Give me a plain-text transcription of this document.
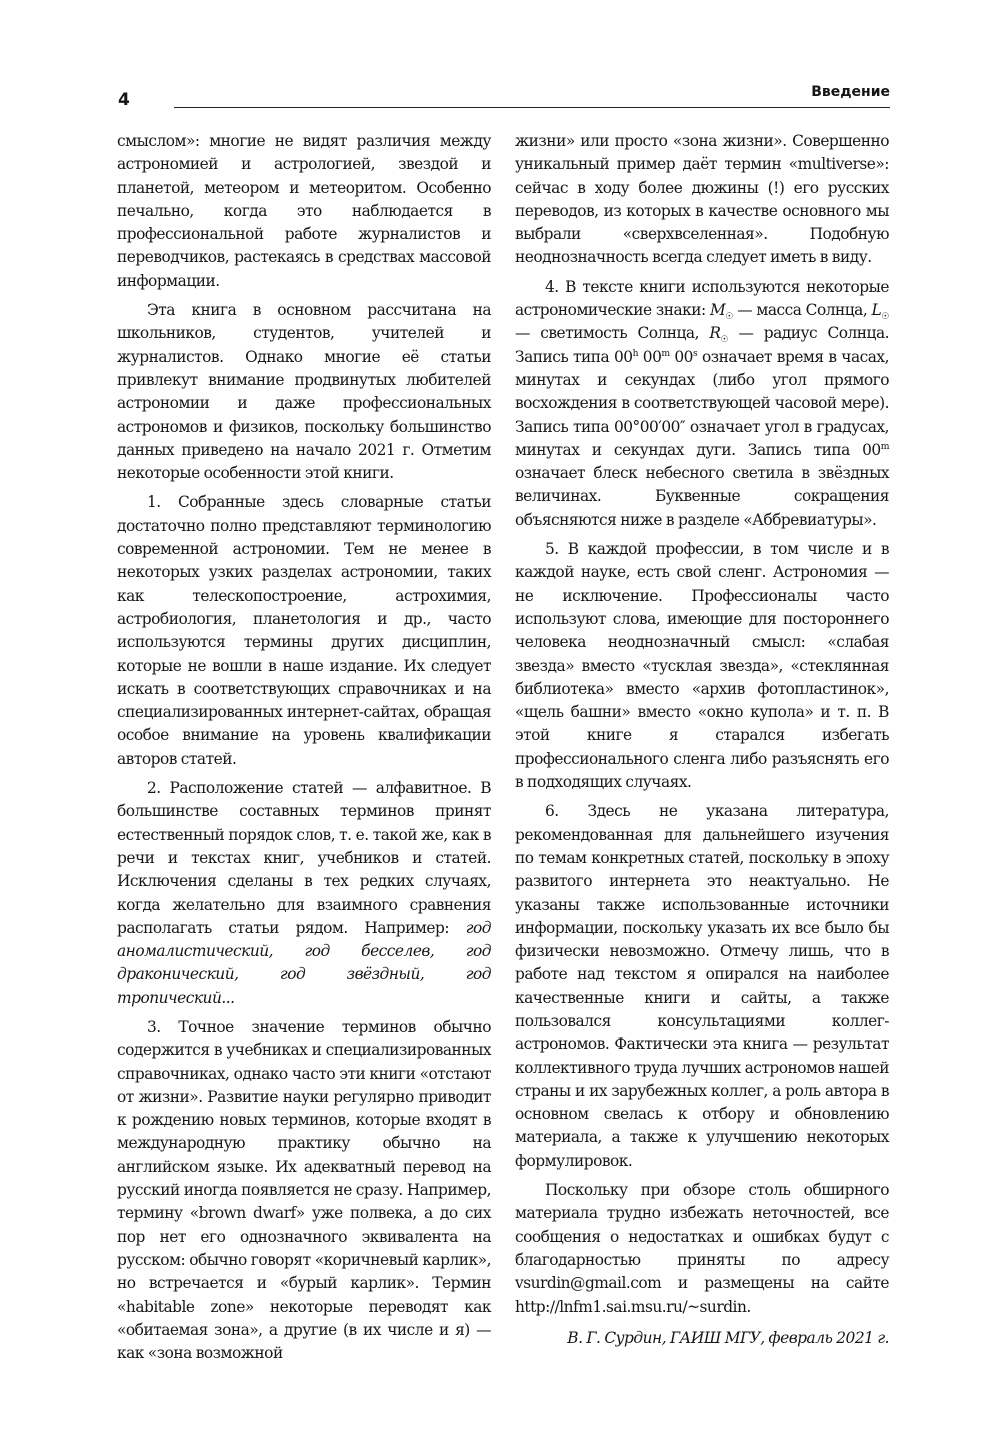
4	Введение

смыслом»: многие не видят различия между астрономией и астрологией, звездой и планетой, метеором и метеоритом. Особенно печально, когда это наблюдается в профессиональной работе журналистов и переводчиков, растекаясь в средствах массовой информации.

Эта книга в основном рассчитана на школьников, студентов, учителей и журналистов. Однако многие её статьи привлекут внимание продвинутых любителей астрономии и даже профессиональных астрономов и физиков, поскольку большинство данных приведено на начало 2021 г. Отметим некоторые особенности этой книги.

1. Собранные здесь словарные статьи достаточно полно представляют терминологию современной астрономии. Тем не менее в некоторых узких разделах астрономии, таких как телескопостроение, астрохимия, астробиология, планетология и др., часто используются термины других дисциплин, которые не вошли в наше издание. Их следует искать в соответствующих справочниках и на специализированных интернет-сайтах, обращая особое внимание на уровень квалификации авторов статей.

2. Расположение статей — алфавитное. В большинстве составных терминов принят естественный порядок слов, т. е. такой же, как в речи и текстах книг, учебников и статей. Исключения сделаны в тех редких случаях, когда желательно для взаимного сравнения располагать статьи рядом. Например: год аномалистический, год бесселев, год драконический, год звёздный, год тропический...

3. Точное значение терминов обычно содержится в учебниках и специализированных справочниках, однако часто эти книги «отстают от жизни». Развитие науки регулярно приводит к рождению новых терминов, которые входят в международную практику обычно на английском языке. Их адекватный перевод на русский иногда появляется не сразу. Например, термину «brown dwarf» уже полвека, а до сих пор нет его однозначного эквивалента на русском: обычно говорят «коричневый карлик», но встречается и «бурый карлик». Термин «habitable zone» некоторые переводят как «обитаемая зона», а другие (в их числе и я) — как «зона возможной

жизни» или просто «зона жизни». Совершенно уникальный пример даёт термин «multiverse»: сейчас в ходу более дюжины (!) его русских переводов, из которых в качестве основного мы выбрали «сверхвселенная». Подобную неоднозначность всегда следует иметь в виду.

4. В тексте книги используются некоторые астрономические знаки: $M_☉$ — масса Солнца, $L_☉$ — светимость Солнца, $R_☉$ — радиус Солнца. Запись типа 00$^h$ 00$^m$ 00$^s$ означает время в часах, минутах и секундах (либо угол прямого восхождения в соответствующей часовой мере). Запись типа 00°00′00″ означает угол в градусах, минутах и секундах дуги. Запись типа 00$^m$ означает блеск небесного светила в звёздных величинах. Буквенные сокращения объясняются ниже в разделе «Аббревиатуры».

5. В каждой профессии, в том числе и в каждой науке, есть свой сленг. Астрономия — не исключение. Профессионалы часто используют слова, имеющие для постороннего человека неоднозначный смысл: «слабая звезда» вместо «тусклая звезда», «стеклянная библиотека» вместо «архив фотопластинок», «щель башни» вместо «окно купола» и т. п. В этой книге я старался избегать профессионального сленга либо разъяснять его в подходящих случаях.

6. Здесь не указана литература, рекомендованная для дальнейшего изучения по темам конкретных статей, поскольку в эпоху развитого интернета это неактуально. Не указаны также использованные источники информации, поскольку указать их все было бы физически невозможно. Отмечу лишь, что в работе над текстом я опирался на наиболее качественные книги и сайты, а также пользовался консультациями коллег-астрономов. Фактически эта книга — результат коллективного труда лучших астрономов нашей страны и их зарубежных коллег, а роль автора в основном свелась к отбору и обновлению материала, а также к улучшению некоторых формулировок.

Поскольку при обзоре столь обширного материала трудно избежать неточностей, все сообщения о недостатках и ошибках будут с благодарностью приняты по адресу vsurdin@gmail.com и размещены на сайте http://lnfm1.sai.msu.ru/~surdin.

В. Г. Сурдин, ГАИШ МГУ, февраль 2021 г.
